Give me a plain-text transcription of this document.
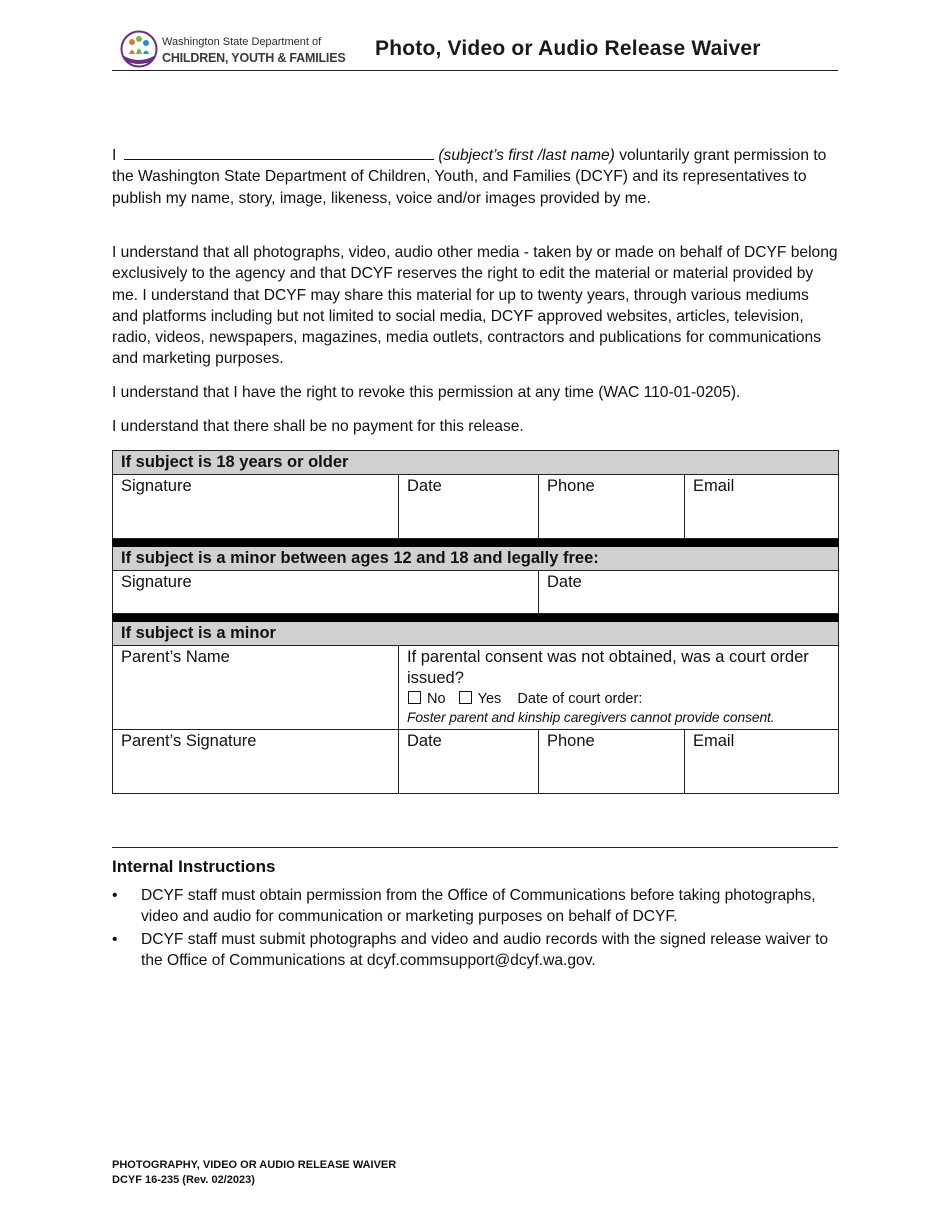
Washington State Department of
CHILDREN, YOUTH & FAMILIES Photo, Video or Audio Release Waiver
I	(subject’s first /last name) voluntarily grant permission to the Washington State Department of Children, Youth, and Families (DCYF) and its representatives to publish my name, story, image, likeness, voice and/or images provided by me.
I understand that all photographs, video, audio other media - taken by or made on behalf of DCYF belong exclusively to the agency and that DCYF reserves the right to edit the material or material provided by me. I understand that DCYF may share this material for up to twenty years, through various mediums and platforms including but not limited to social media, DCYF approved websites, articles, television, radio, videos, newspapers, magazines, media outlets, contractors and publications for communications and marketing purposes.
I understand that I have the right to revoke this permission at any time (WAC 110-01-0205).
I understand that there shall be no payment for this release.
If subject is 18 years or older			
Signature	Date	Phone	Email

If subject is a minor between ages 12 and 18 and legally free:			
Signature		Date	

If subject is a minor			
Parent’s Name	If parental consent was not obtained, was a court order issued?
No Yes Date of court order:
Foster parent and kinship caregivers cannot provide consent.		

Parent’s Signature	Date	Phone	Email
Internal Instructions
• DCYF staff must obtain permission from the Office of Communications before taking photographs, video and audio for communication or marketing purposes on behalf of DCYF.
• DCYF staff must submit photographs and video and audio records with the signed release waiver to the Office of Communications at dcyf.commsupport@dcyf.wa.gov.
PHOTOGRAPHY, VIDEO OR AUDIO RELEASE WAIVER
DCYF 16-235 (Rev. 02/2023)
